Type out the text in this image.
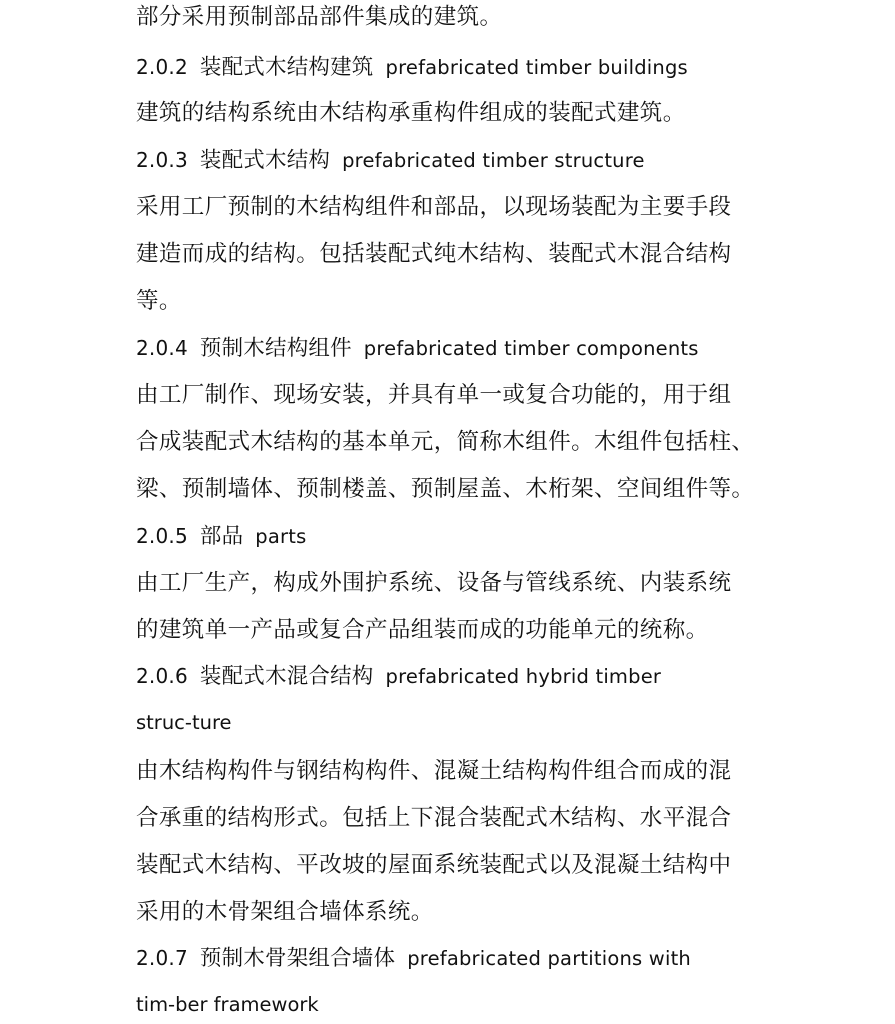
部分采用预制部品部件集成的建筑。
2.0.2 装配式木结构建筑 prefabricated timber buildings
建筑的结构系统由木结构承重构件组成的装配式建筑。
2.0.3 装配式木结构 prefabricated timber structure
采用工厂预制的木结构组件和部品，以现场装配为主要手段
建造而成的结构。包括装配式纯木结构、装配式木混合结构
等。
2.0.4 预制木结构组件 prefabricated timber components
由工厂制作、现场安装，并具有单一或复合功能的，用于组
合成装配式木结构的基本单元，简称木组件。木组件包括柱、
梁、预制墙体、预制楼盖、预制屋盖、木桁架、空间组件等。
2.0.5 部品 parts
由工厂生产，构成外围护系统、设备与管线系统、内装系统
的建筑单一产品或复合产品组装而成的功能单元的统称。
2.0.6 装配式木混合结构 prefabricated hybrid timber
struc-ture
由木结构构件与钢结构构件、混凝土结构构件组合而成的混
合承重的结构形式。包括上下混合装配式木结构、水平混合
装配式木结构、平改坡的屋面系统装配式以及混凝土结构中
采用的木骨架组合墙体系统。
2.0.7 预制木骨架组合墙体 prefabricated partitions with
tim-ber framework
